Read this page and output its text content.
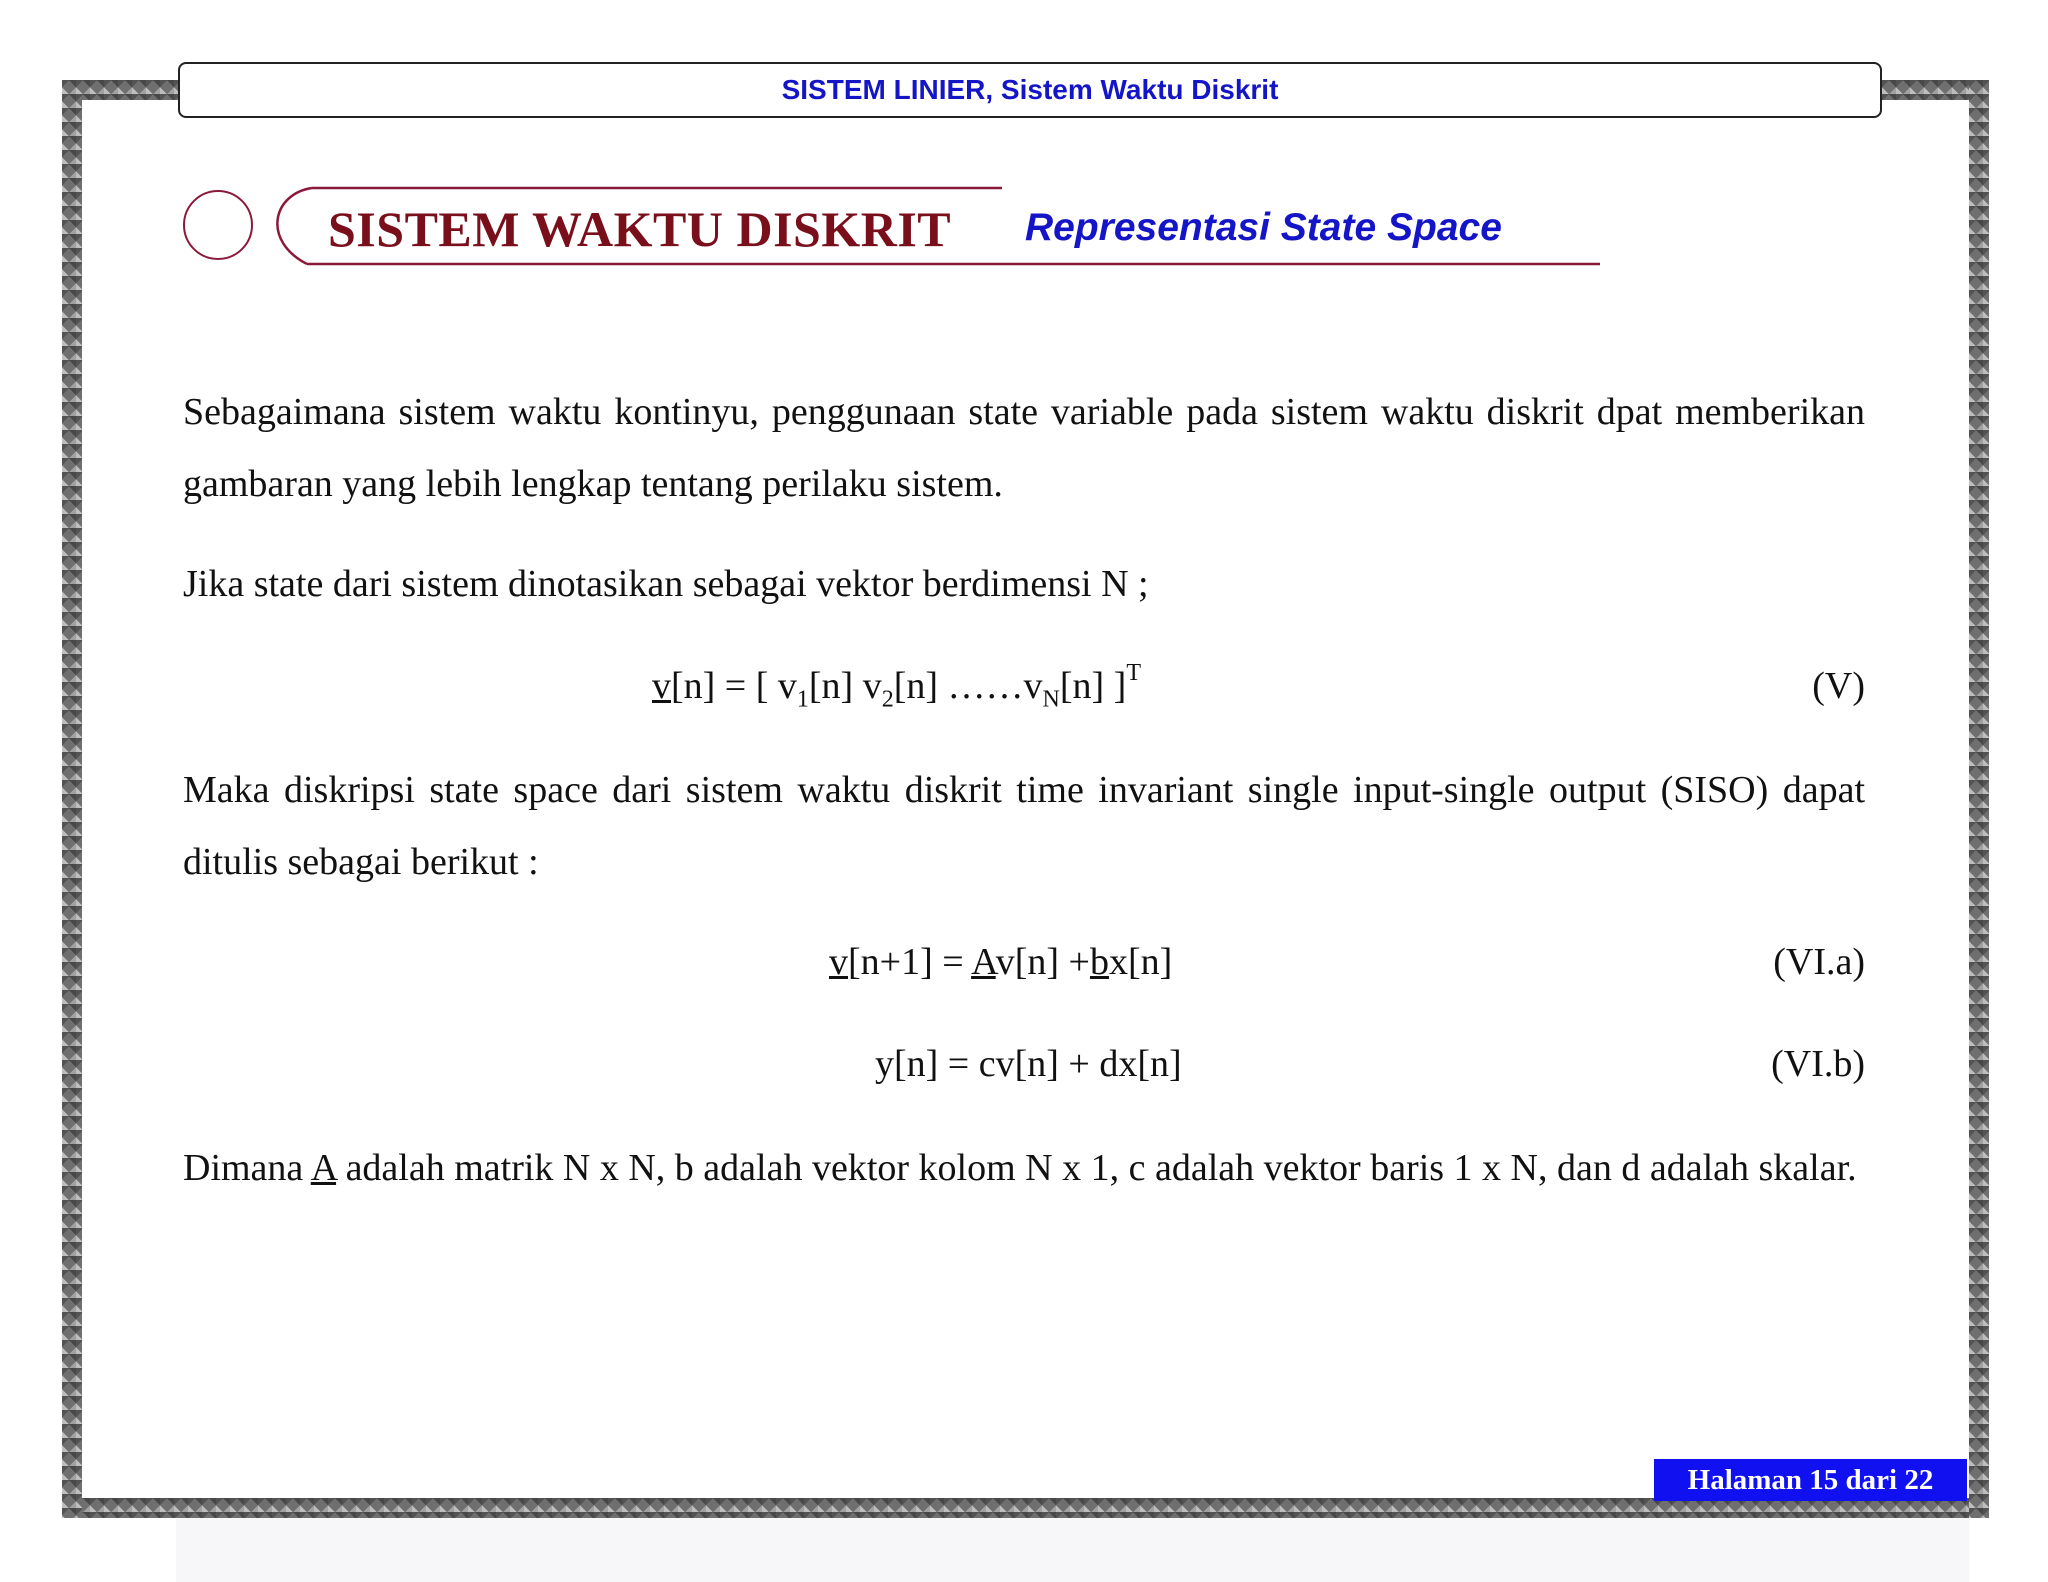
SISTEM LINIER, Sistem Waktu Diskrit
SISTEM WAKTU DISKRIT Representasi State Space
Sebagaimana sistem waktu kontinyu, penggunaan state variable pada sistem waktu diskrit dpat memberikan gambaran yang lebih lengkap tentang perilaku sistem.
Jika state dari sistem dinotasikan sebagai vektor berdimensi N ;
v[n] = [ $v_1[n]$ $v_2[n]$ $\dots\dots v_N[n]$ ]$^T$	(V)
Maka diskripsi state space dari sistem waktu diskrit time invariant single input-single output (SISO) dapat ditulis sebagai berikut :
v[n+1] = Av[n] +bx[n]	(VI.a)
y[n] = cv[n] + dx[n]	(VI.b)
Dimana A adalah matrik N x N, b adalah vektor kolom N x 1, c adalah vektor baris 1 x N, dan d adalah skalar.
Halaman 15 dari 22
